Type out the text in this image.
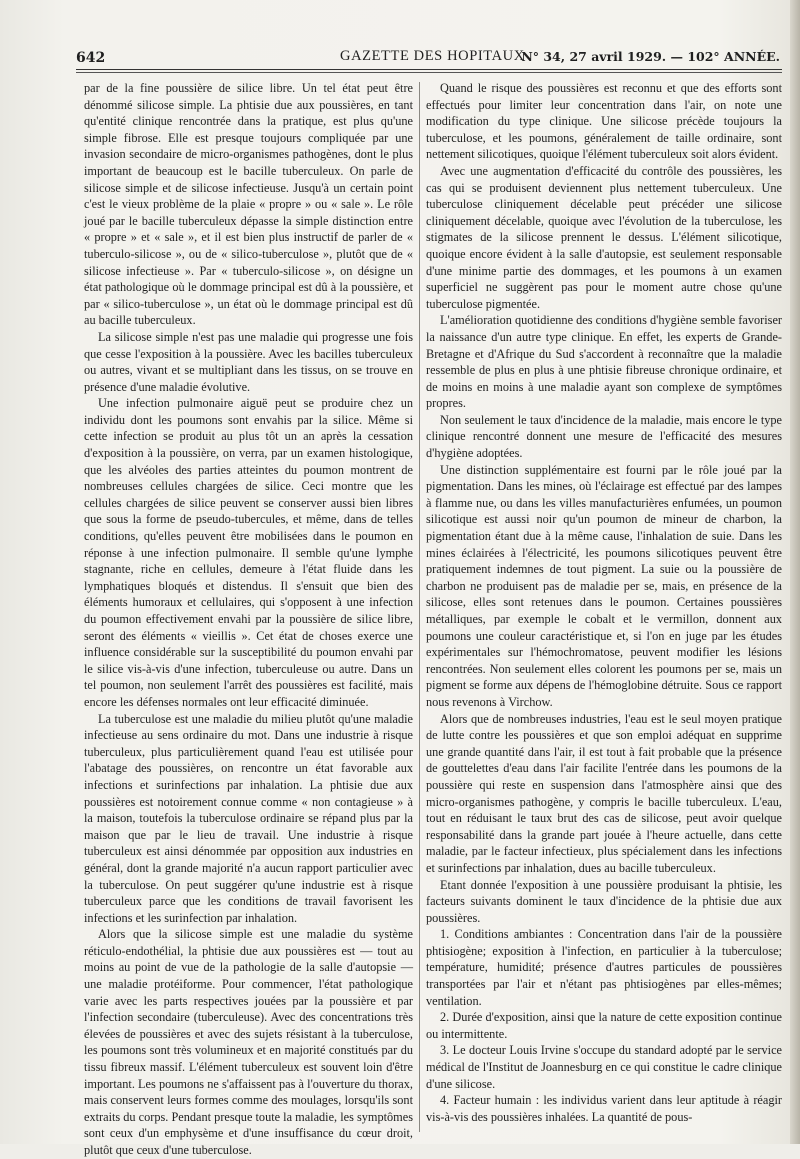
642	GAZETTE DES HOPITAUX
N° 34, 27 avril 1929. — 102° ANNÉE.

par de la fine poussière de silice libre. Un tel état peut être dénommé silicose simple. La phtisie due aux poussières, en tant qu'entité clinique rencontrée dans la pratique, est plus qu'une simple fibrose. Elle est presque toujours compliquée par une invasion secondaire de micro-organismes pathogènes, dont le plus important de beaucoup est le bacille tuberculeux. On parle de silicose simple et de silicose infectieuse. Jusqu'à un certain point c'est le vieux problème de la plaie « propre » ou « sale ». Le rôle joué par le bacille tuberculeux dépasse la simple distinction entre « propre » et « sale », et il est bien plus instructif de parler de « tuberculo-silicose », ou de « silico-tuberculose », plutôt que de « silicose infectieuse ». Par « tuberculo-silicose », on désigne un état pathologique où le dommage principal est dû à la poussière, et par « silico-tuberculose », un état où le dommage principal est dû au bacille tuberculeux.

La silicose simple n'est pas une maladie qui progresse une fois que cesse l'exposition à la poussière. Avec les bacilles tuberculeux ou autres, vivant et se multipliant dans les tissus, on se trouve en présence d'une maladie évolutive.

Une infection pulmonaire aiguë peut se produire chez un individu dont les poumons sont envahis par la silice. Même si cette infection se produit au plus tôt un an après la cessation d'exposition à la poussière, on verra, par un examen histologique, que les alvéoles des parties atteintes du poumon montrent de nombreuses cellules chargées de silice. Ceci montre que les cellules chargées de silice peuvent se conserver aussi bien libres que sous la forme de pseudo-tubercules, et même, dans de telles conditions, qu'elles peuvent être mobilisées dans le poumon en réponse à une infection pulmonaire. Il semble qu'une lymphe stagnante, riche en cellules, demeure à l'état fluide dans les lymphatiques bloqués et distendus. Il s'ensuit que bien des éléments humoraux et cellulaires, qui s'opposent à une infection du poumon effectivement envahi par la poussière de silice libre, seront des éléments « vieillis ». Cet état de choses exerce une influence considérable sur la susceptibilité du poumon envahi par le silice vis-à-vis d'une infection, tuberculeuse ou autre. Dans un tel poumon, non seulement l'arrêt des poussières est facilité, mais encore les défenses normales ont leur efficacité diminuée.

La tuberculose est une maladie du milieu plutôt qu'une maladie infectieuse au sens ordinaire du mot. Dans une industrie à risque tuberculeux, plus particulièrement quand l'eau est utilisée pour l'abatage des poussières, on rencontre un état favorable aux infections et surinfections par inhalation. La phtisie due aux poussières est notoirement connue comme « non contagieuse » à la maison, toutefois la tuberculose ordinaire se répand plus par la maison que par le lieu de travail. Une industrie à risque tuberculeux est ainsi dénommée par opposition aux industries en général, dont la grande majorité n'a aucun rapport particulier avec la tuberculose. On peut suggérer qu'une industrie est à risque tuberculeux parce que les conditions de travail favorisent les infections et les surinfection par inhalation.

Alors que la silicose simple est une maladie du système réticulo-endothélial, la phtisie due aux poussières est — tout au moins au point de vue de la pathologie de la salle d'autopsie — une maladie protéiforme. Pour commencer, l'état pathologique varie avec les parts respectives jouées par la poussière et par l'infection secondaire (tuberculeuse). Avec des concentrations très élevées de poussières et avec des sujets résistant à la tuberculose, les poumons sont très volumineux et en majorité constitués par du tissu fibreux massif. L'élément tuberculeux est souvent loin d'être important. Les poumons ne s'affaissent pas à l'ouverture du thorax, mais conservent leurs formes comme des moulages, lorsqu'ils sont extraits du corps. Pendant presque toute la maladie, les symptômes sont ceux d'un emphysème et d'une insuffisance du cœur droit, plutôt que ceux d'une tuberculose.

Quand le risque des poussières est reconnu et que des efforts sont effectués pour limiter leur concentration dans l'air, on note une modification du type clinique. Une silicose précède toujours la tuberculose, et les poumons, généralement de taille ordinaire, sont nettement silicotiques, quoique l'élément tuberculeux soit alors évident.

Avec une augmentation d'efficacité du contrôle des poussières, les cas qui se produisent deviennent plus nettement tuberculeux. Une tuberculose cliniquement décelable peut précéder une silicose cliniquement décelable, quoique avec l'évolution de la tuberculose, les stigmates de la silicose prennent le dessus. L'élément silicotique, quoique encore évident à la salle d'autopsie, est seulement responsable d'une minime partie des dommages, et les poumons à un examen superficiel ne suggèrent pas pour le moment autre chose qu'une tuberculose pigmentée.

L'amélioration quotidienne des conditions d'hygiène semble favoriser la naissance d'un autre type clinique. En effet, les experts de Grande-Bretagne et d'Afrique du Sud s'accordent à reconnaître que la maladie ressemble de plus en plus à une phtisie fibreuse chronique ordinaire, et de moins en moins à une maladie ayant son complexe de symptômes propres.

Non seulement le taux d'incidence de la maladie, mais encore le type clinique rencontré donnent une mesure de l'efficacité des mesures d'hygiène adoptées.

Une distinction supplémentaire est fourni par le rôle joué par la pigmentation. Dans les mines, où l'éclairage est effectué par des lampes à flamme nue, ou dans les villes manufacturières enfumées, un poumon silicotique est aussi noir qu'un poumon de mineur de charbon, la pigmentation étant due à la même cause, l'inhalation de suie. Dans les mines éclairées à l'électricité, les poumons silicotiques peuvent être pratiquement indemnes de tout pigment. La suie ou la poussière de charbon ne produisent pas de maladie per se, mais, en présence de la silicose, elles sont retenues dans le poumon. Certaines poussières métalliques, par exemple le cobalt et le vermillon, donnent aux poumons une couleur caractéristique et, si l'on en juge par les études expérimentales sur l'hémochromatose, peuvent modifier les lésions rencontrées. Non seulement elles colorent les poumons per se, mais un pigment se forme aux dépens de l'hémoglobine détruite. Sous ce rapport nous revenons à Virchow.

Alors que de nombreuses industries, l'eau est le seul moyen pratique de lutte contre les poussières et que son emploi adéquat en supprime une grande quantité dans l'air, il est tout à fait probable que la présence de gouttelettes d'eau dans l'air facilite l'entrée dans les poumons de la poussière qui reste en suspension dans l'atmosphère ainsi que des micro-organismes pathogène, y compris le bacille tuberculeux. L'eau, tout en réduisant le taux brut des cas de silicose, peut avoir quelque responsabilité dans la grande part jouée à l'heure actuelle, dans cette maladie, par le facteur infectieux, plus spécialement dans les infections et surinfections par inhalation, dues au bacille tuberculeux.

Etant donnée l'exposition à une poussière produisant la phtisie, les facteurs suivants dominent le taux d'incidence de la phtisie due aux poussières.

1. Conditions ambiantes : Concentration dans l'air de la poussière phtisiogène; exposition à l'infection, en particulier à la tuberculose; température, humidité; présence d'autres particules de poussières transportées par l'air et n'étant pas phtisiogènes par elles-mêmes; ventilation.

2. Durée d'exposition, ainsi que la nature de cette exposition continue ou intermittente.

3. Le docteur Louis Irvine s'occupe du standard adopté par le service médical de l'Institut de Joannesburg en ce qui constitue le cadre clinique d'une silicose.

4. Facteur humain : les individus varient dans leur aptitude à réagir vis-à-vis des poussières inhalées. La quantité de pous-
